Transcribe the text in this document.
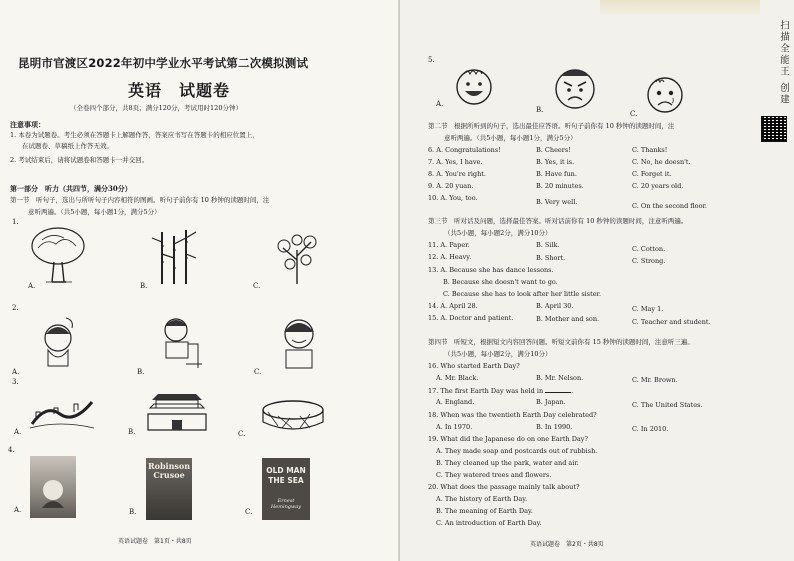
昆明市官渡区2022年初中学业水平考试第二次模拟测试
英语　试题卷
（全卷四个部分，共8页；满分120分，考试用时120分钟）
注意事项：
1. 本卷为试题卷。考生必须在答题卡上解题作答，答案应书写在答题卡的相应位置上，
在试题卷、草稿纸上作答无效。
2. 考试结束后，请将试题卷和答题卡一并交回。
第一部分　听力（共四节，满分30分）
第一节　听句子，选出与所听句子内容相符的图画。听句子前你有 10 秒钟的读题时间，注
意听两遍。（共5小题，每小题1分，满分5分）
1.
A.	B.	C.
2.
A.	B.	C.
3.
A.	B.	C.
4.
A.
Robinson
Crusoe
B.
OLD MAN
THE SEA
Ernest Hemingway
C.
英语试题卷　第1页・共8页
5.
A.
B.	C.
第二节　根据所听到的句子，选出最佳应答语。听句子前你有 10 秒钟的读题时间，注
意听两遍。（共5小题，每小题1分，满分5分）
6. A. Congratulations!	B. Cheers!	C. Thanks!
7. A. Yes, I have.	B. Yes, it is.	C. No, he doesn't.
8. A. You're right.	B. Have fun.	C. Forget it.
9. A. 20 yuan.	B. 20 minutes.	C. 20 years old.
10. A. You, too.	B. Very well.	C. On the second floor.
第三节　听对话及问题，选择最佳答案。听对话前你有 10 秒钟的读题时间，注意听两遍。
（共5小题，每小题2分，满分10分）
11. A. Paper.	B. Silk.	C. Cotton.
12. A. Heavy.	B. Short.	C. Strong.
13. A. Because she has dance lessons.
B. Because she doesn't want to go.
C. Because she has to look after her little sister.
14. A. April 28.	B. April 30.	C. May 1.
15. A. Doctor and patient.	B. Mother and son.	C. Teacher and student.
第四节　听短文，根据短文内容回答问题。听短文前你有 15 秒钟的读题时间，注意听三遍。
（共5小题，每小题2分，满分10分）
16. Who started Earth Day?
A. Mr. Black.	B. Mr. Nelson.	C. Mr. Brown.
17. The first Earth Day was held in	.
A. England.	B. Japan.	C. The United States.
18. When was the twentieth Earth Day celebrated?
A. In 1970.	B. In 1990.	C. In 2010.
19. What did the Japanese do on one Earth Day?
A. They made soap and postcards out of rubbish.
B. They cleaned up the park, water and air.
C. They watered trees and flowers.
20. What does the passage mainly talk about?
A. The history of Earth Day.
B. The meaning of Earth Day.
C. An introduction of Earth Day.
英语试题卷　第2页・共8页
扫描全能王 创建
